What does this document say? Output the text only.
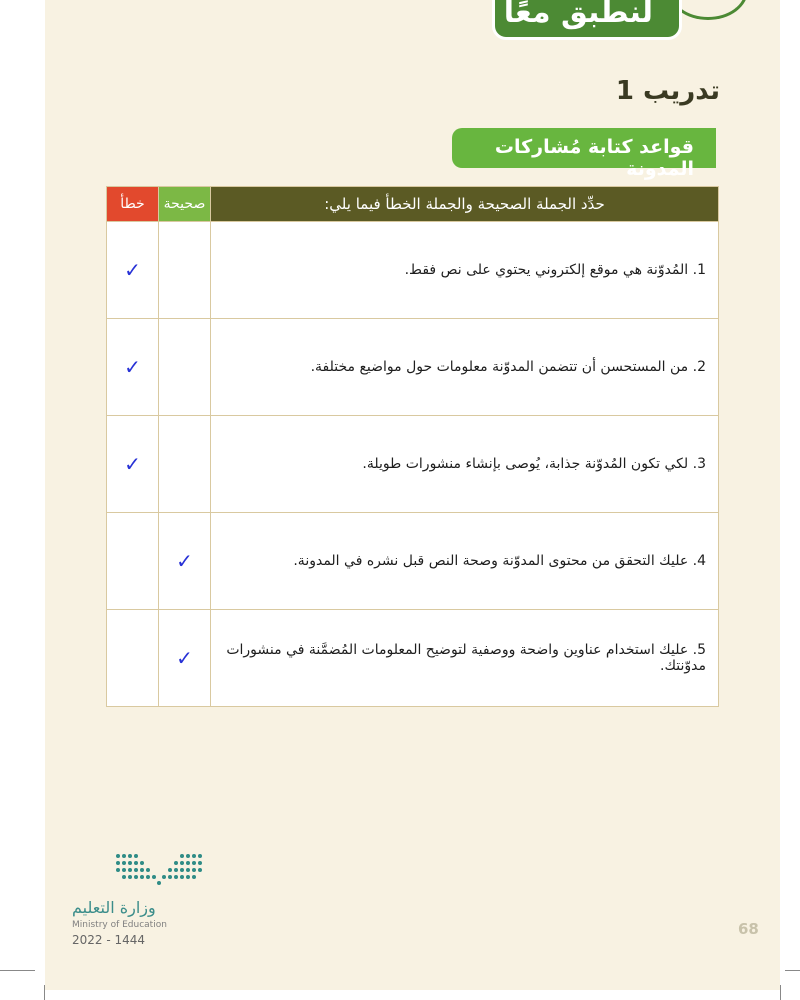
لنطبق معًا
تدريب 1
قواعد كتابة مُشاركات المدونة
خطأ	صحيحة	حدِّد الجملة الصحيحة والجملة الخطأ فيما يلي:
✓		1. المُدوّنة هي موقع إلكتروني يحتوي على نص فقط.
✓		2. من المستحسن أن تتضمن المدوّنة معلومات حول مواضيع مختلفة.
✓		3. لكي تكون المُدوّنة جذابة، يُوصى بإنشاء منشورات طويلة.
	✓	4. عليك التحقق من محتوى المدوّنة وصحة النص قبل نشره في المدونة.
	✓	5. عليك استخدام عناوين واضحة ووصفية لتوضيح المعلومات المُضمَّنة في منشورات مدوّنتك.
وزارة التعليم
Ministry of Education
2022 - 1444
68
